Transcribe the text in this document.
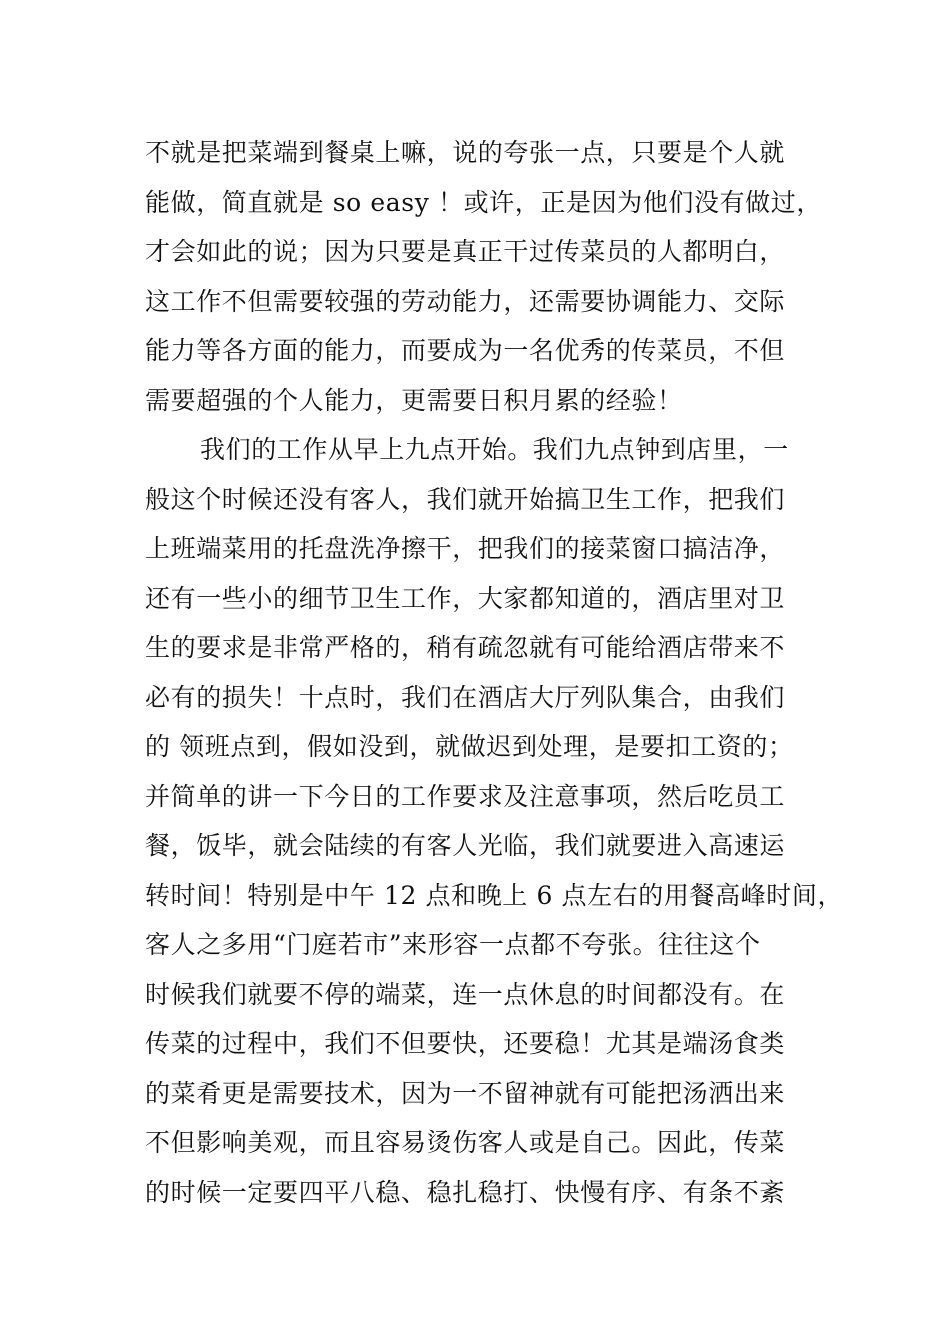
不就是把菜端到餐桌上嘛，说的夸张一点，只要是个人就
能做，简直就是 so easy ！或许，正是因为他们没有做过，
才会如此的说；因为只要是真正干过传菜员的人都明白，
这工作不但需要较强的劳动能力，还需要协调能力、交际
能力等各方面的能力，而要成为一名优秀的传菜员，不但
需要超强的个人能力，更需要日积月累的经验！
我们的工作从早上九点开始。我们九点钟到店里，一
般这个时候还没有客人，我们就开始搞卫生工作，把我们
上班端菜用的托盘洗净擦干，把我们的接菜窗口搞洁净，
还有一些小的细节卫生工作，大家都知道的，酒店里对卫
生的要求是非常严格的，稍有疏忽就有可能给酒店带来不
必有的损失！十点时，我们在酒店大厅列队集合，由我们
的 领班点到，假如没到，就做迟到处理，是要扣工资的；
并简单的讲一下今日的工作要求及注意事项，然后吃员工
餐，饭毕，就会陆续的有客人光临，我们就要进入高速运
转时间！特别是中午 12 点和晚上 6 点左右的用餐高峰时间，
客人之多用“门庭若市”来形容一点都不夸张。往往这个
时候我们就要不停的端菜，连一点休息的时间都没有。在
传菜的过程中，我们不但要快，还要稳！尤其是端汤食类
的菜肴更是需要技术，因为一不留神就有可能把汤洒出来
不但影响美观，而且容易烫伤客人或是自己。因此，传菜
的时候一定要四平八稳、稳扎稳打、快慢有序、有条不紊
